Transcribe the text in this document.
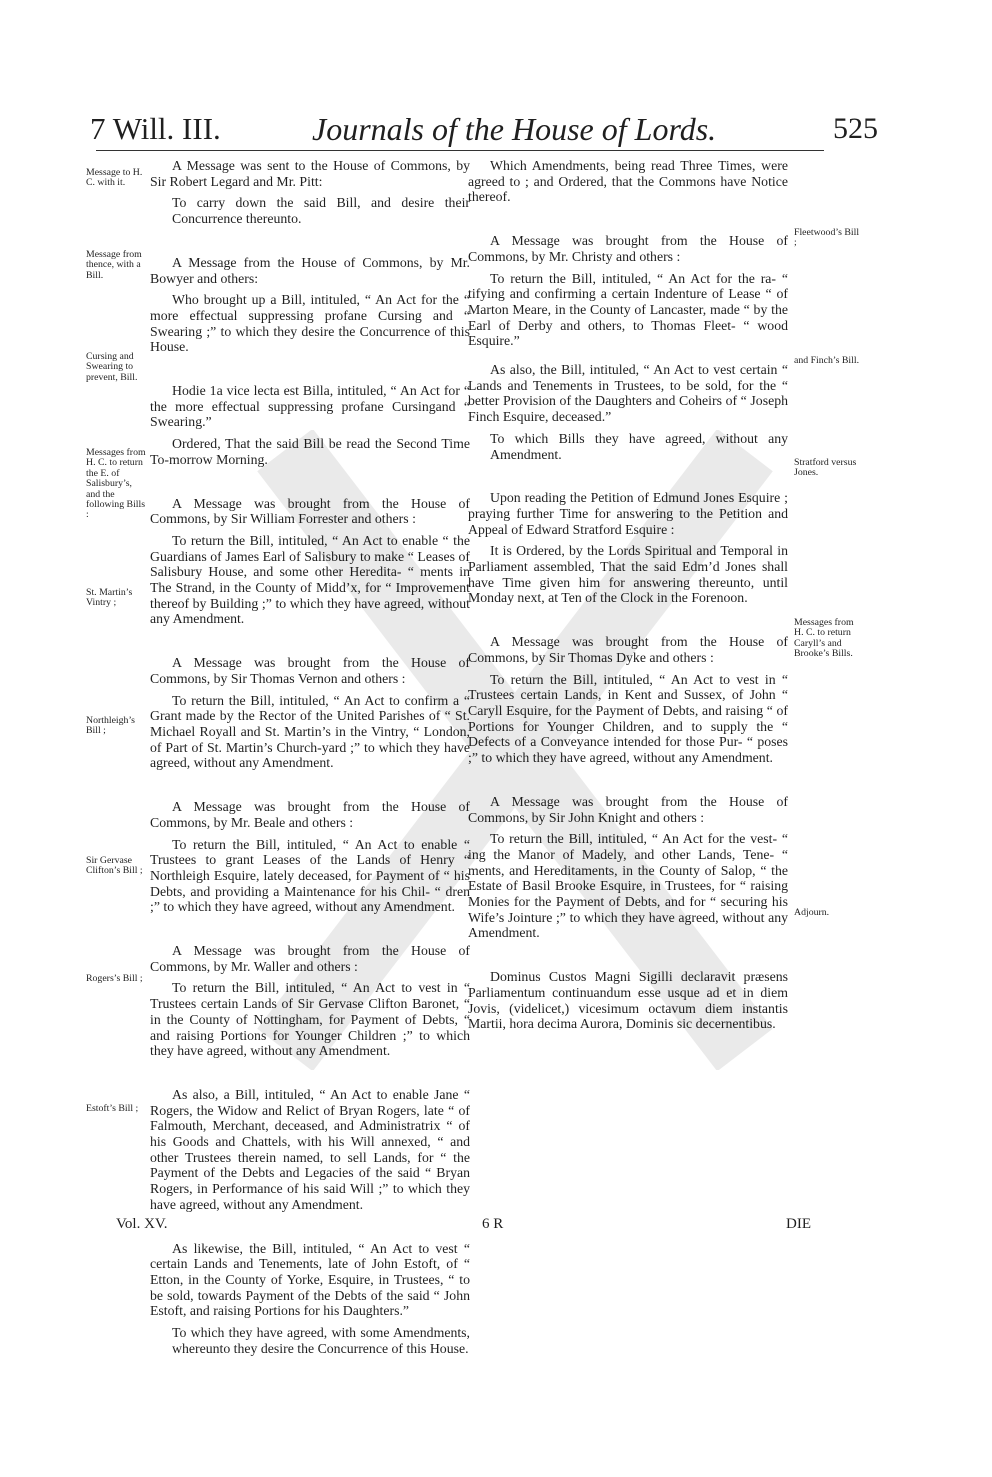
7 Will. III.	Journals of the House of Lords.	525

A Message was sent to the House of Commons, by Sir Robert Legard and Mr. Pitt:

To carry down the said Bill, and desire their Concurrence thereunto.

A Message from the House of Commons, by Mr. Bowyer and others:

Who brought up a Bill, intituled, “ An Act for the “ more effectual suppressing profane Cursing and “ Swearing ;” to which they desire the Concurrence of this House.

Hodie 1a vice lecta est Billa, intituled, “ An Act for “ the more effectual suppressing profane Cursingand “ Swearing.”

Ordered, That the said Bill be read the Second Time To-morrow Morning.

A Message was brought from the House of Commons, by Sir William Forrester and others :

To return the Bill, intituled, “ An Act to enable “ the Guardians of James Earl of Salisbury to make “ Leases of Salisbury House, and some other Heredita- “ ments in The Strand, in the County of Midd’x, for “ Improvement thereof by Building ;” to which they have agreed, without any Amendment.

A Message was brought from the House of Commons, by Sir Thomas Vernon and others :

To return the Bill, intituled, “ An Act to confirm a “ Grant made by the Rector of the United Parishes of “ St. Michael Royall and St. Martin’s in the Vintry, “ London, of Part of St. Martin’s Church-yard ;” to which they have agreed, without any Amendment.

A Message was brought from the House of Commons, by Mr. Beale and others :

To return the Bill, intituled, “ An Act to enable “ Trustees to grant Leases of the Lands of Henry “ Northleigh Esquire, lately deceased, for Payment of “ his Debts, and providing a Maintenance for his Chil- “ dren ;” to which they have agreed, without any Amendment.

A Message was brought from the House of Commons, by Mr. Waller and others :

To return the Bill, intituled, “ An Act to vest in “ Trustees certain Lands of Sir Gervase Clifton Baronet, “ in the County of Nottingham, for Payment of Debts, “ and raising Portions for Younger Children ;” to which they have agreed, without any Amendment.

As also, a Bill, intituled, “ An Act to enable Jane “ Rogers, the Widow and Relict of Bryan Rogers, late “ of Falmouth, Merchant, deceased, and Administratrix “ of his Goods and Chattels, with his Will annexed, “ and other Trustees therein named, to sell Lands, for “ the Payment of the Debts and Legacies of the said “ Bryan Rogers, in Performance of his said Will ;” to which they have agreed, without any Amendment.

As likewise, the Bill, intituled, “ An Act to vest “ certain Lands and Tenements, late of John Estoft, of “ Etton, in the County of Yorke, Esquire, in Trustees, “ to be sold, towards Payment of the Debts of the said “ John Estoft, and raising Portions for his Daughters.”

To which they have agreed, with some Amendments, whereunto they desire the Concurrence of this House.

Which Amendments, being read Three Times, were agreed to ; and Ordered, that the Commons have Notice thereof.

A Message was brought from the House of Commons, by Mr. Christy and others :

To return the Bill, intituled, “ An Act for the ra- “ tifying and confirming a certain Indenture of Lease “ of Marton Meare, in the County of Lancaster, made “ by the Earl of Derby and others, to Thomas Fleet- “ wood Esquire.”

As also, the Bill, intituled, “ An Act to vest certain “ Lands and Tenements in Trustees, to be sold, for the “ better Provision of the Daughters and Coheirs of “ Joseph Finch Esquire, deceased.”

To which Bills they have agreed, without any Amendment.

Upon reading the Petition of Edmund Jones Esquire ; praying further Time for answering to the Petition and Appeal of Edward Stratford Esquire :

It is Ordered, by the Lords Spiritual and Temporal in Parliament assembled, That the said Edm’d Jones shall have Time given him for answering thereunto, until Monday next, at Ten of the Clock in the Forenoon.

A Message was brought from the House of Commons, by Sir Thomas Dyke and others :

To return the Bill, intituled, “ An Act to vest in “ Trustees certain Lands, in Kent and Sussex, of John “ Caryll Esquire, for the Payment of Debts, and raising “ of Portions for Younger Children, and to supply the “ Defects of a Conveyance intended for those Pur- “ poses ;” to which they have agreed, without any Amendment.

A Message was brought from the House of Commons, by Sir John Knight and others :

To return the Bill, intituled, “ An Act for the vest- “ ing the Manor of Madely, and other Lands, Tene- “ ments, and Hereditaments, in the County of Salop, “ the Estate of Basil Brooke Esquire, in Trustees, for “ raising Monies for the Payment of Debts, and for “ securing his Wife’s Jointure ;” to which they have agreed, without any Amendment.

Dominus Custos Magni Sigilli declaravit præsens Parliamentum continuandum esse usque ad et in diem Jovis, (videlicet,) vicesimum octavum diem instantis Martii, hora decima Aurora, Dominis sic decernentibus.

Message to H. C. with it.
Message from thence, with a Bill.
Cursing and Swearing to prevent, Bill.
Messages from H. C. to return the E. of Salisbury’s, and the following Bills :
St. Martin’s Vintry ;
Northleigh’s Bill ;
Sir Gervase Clifton’s Bill ;
Rogers’s Bill ;
Estoft’s Bill ;
Fleetwood’s Bill ;
and Finch’s Bill.
Stratford versus Jones.
Messages from H. C. to return Caryll’s and Brooke’s Bills.
Adjourn.
Vol. XV.	6 R	DIE
